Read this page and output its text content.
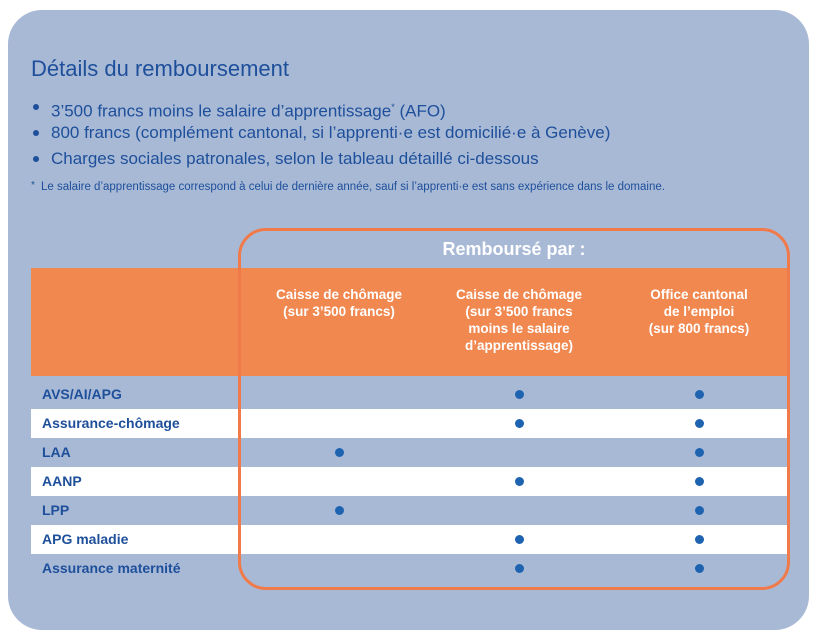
Détails du remboursement
3’500 francs moins le salaire d’apprentissage* (AFO)
800 francs (complément cantonal, si l’apprenti·e est domicilié·e à Genève)
Charges sociales patronales, selon le tableau détaillé ci-dessous
* Le salaire d’apprentissage correspond à celui de dernière année, sauf si l’apprenti·e est sans expérience dans le domaine.
Caisse de chômage
(sur 3’500 francs)
Caisse de chômage
(sur 3’500 francs
moins le salaire
d’apprentissage)
Office cantonal
de l’emploi
(sur 800 francs)
Remboursé par :
AVS/AI/APG
Assurance-chômage
LAA
AANP
LPP
APG maladie
Assurance maternité
